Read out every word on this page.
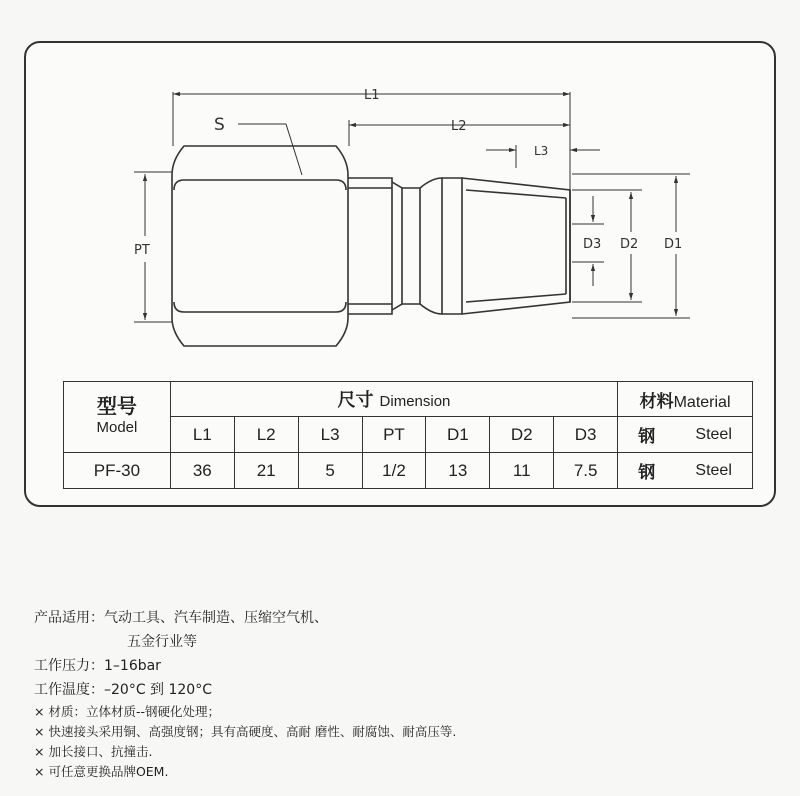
L1
L2
L3
S
PT	D1
D2
D3
型号
Model	尺寸 Dimension							材料Material
	L1	L2	L3	PT	D1	D2	D3	钢 Steel

PF-30	36	21	5	1/2	13	11	7.5	钢 Steel
产品适用：气动工具、汽车制造、压缩空气机、
五金行业等
工作压力：1–16bar
工作温度：–20°C 到 120°C
× 材质：立体材质--钢硬化处理；
× 快速接头采用铜、高强度钢；具有高硬度、高耐 磨性、耐腐蚀、耐高压等.
× 加长接口、抗撞击.
× 可任意更换品牌OEM.
